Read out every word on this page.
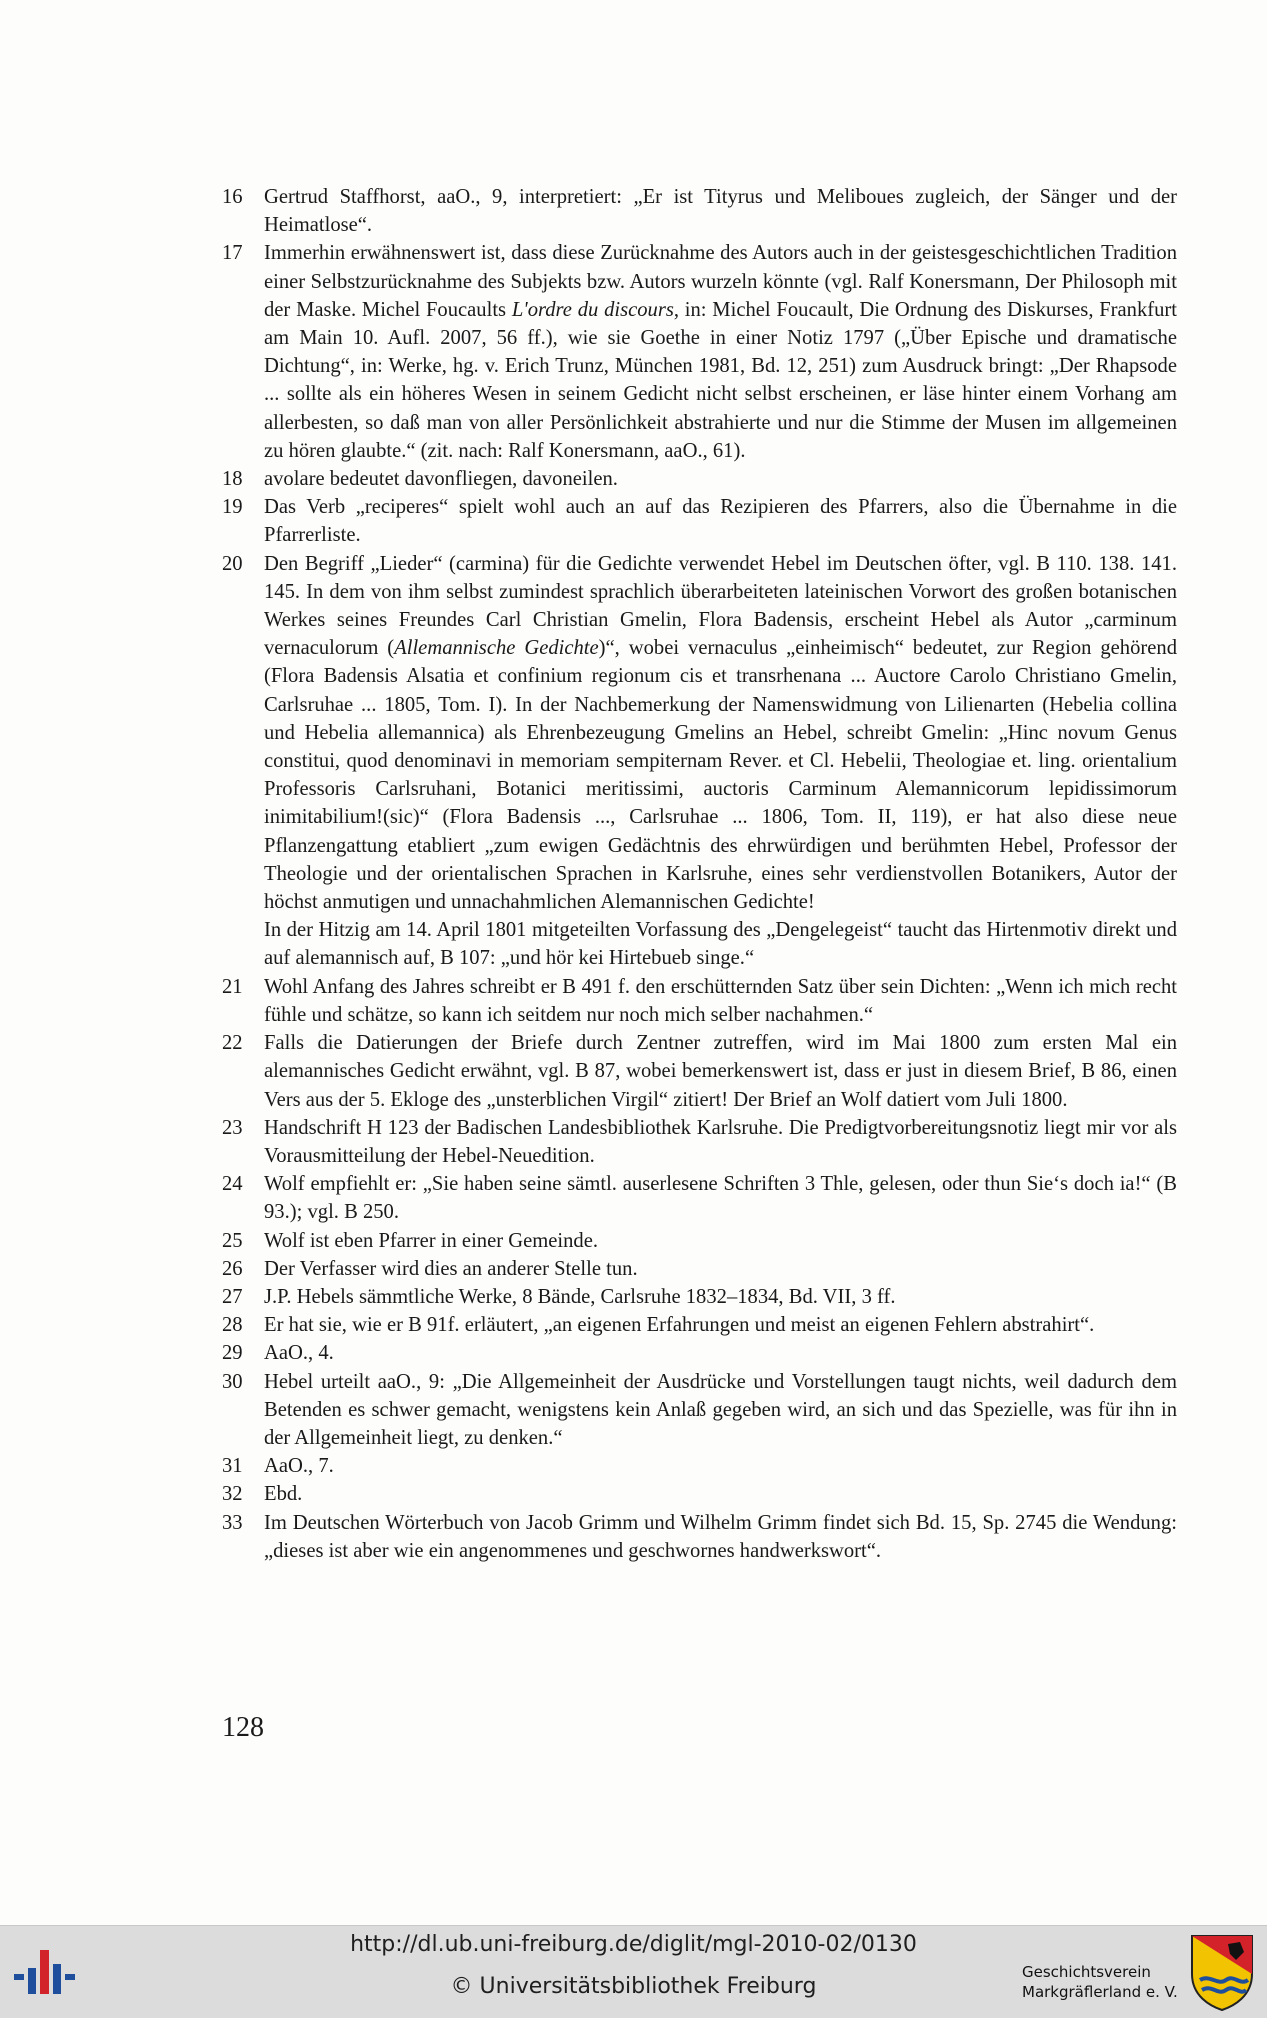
16	Gertrud Staffhorst, aaO., 9, interpretiert: „Er ist Tityrus und Meliboues zugleich, der Sänger und der Heimatlose“.
17	Immerhin erwähnenswert ist, dass diese Zurücknahme des Autors auch in der geistesgeschichtlichen Tradition einer Selbstzurücknahme des Subjekts bzw. Autors wurzeln könnte (vgl. Ralf Konersmann, Der Philosoph mit der Maske. Michel Foucaults L'ordre du discours, in: Michel Foucault, Die Ordnung des Diskurses, Frankfurt am Main 10. Aufl. 2007, 56 ff.), wie sie Goethe in einer Notiz 1797 („Über Epische und dramatische Dichtung“, in: Werke, hg. v. Erich Trunz, München 1981, Bd. 12, 251) zum Ausdruck bringt: „Der Rhapsode ... sollte als ein höheres Wesen in seinem Gedicht nicht selbst erscheinen, er läse hinter einem Vorhang am allerbesten, so daß man von aller Persönlichkeit abstrahierte und nur die Stimme der Musen im allgemeinen zu hören glaubte.“ (zit. nach: Ralf Konersmann, aaO., 61).
18	avolare bedeutet davonfliegen, davoneilen.
19	Das Verb „reciperes“ spielt wohl auch an auf das Rezipieren des Pfarrers, also die Übernahme in die Pfarrerliste.
20	Den Begriff „Lieder“ (carmina) für die Gedichte verwendet Hebel im Deutschen öfter, vgl. B 110. 138. 141. 145. In dem von ihm selbst zumindest sprachlich überarbeiteten lateinischen Vorwort des großen botanischen Werkes seines Freundes Carl Christian Gmelin, Flora Badensis, erscheint Hebel als Autor „carminum vernaculorum (Allemannische Gedichte)“, wobei vernaculus „einheimisch“ bedeutet, zur Region gehörend (Flora Badensis Alsatia et confinium regionum cis et transrhenana ... Auctore Carolo Christiano Gmelin, Carlsruhae ... 1805, Tom. I). In der Nachbemerkung der Namenswidmung von Lilienarten (Hebelia collina und Hebelia allemannica) als Ehrenbezeugung Gmelins an Hebel, schreibt Gmelin: „Hinc novum Genus constitui, quod denominavi in memoriam sempiternam Rever. et Cl. Hebelii, Theologiae et. ling. orientalium Professoris Carlsruhani, Botanici meritissimi, auctoris Carminum Alemannicorum lepidissimorum inimitabilium!(sic)“ (Flora Badensis ..., Carlsruhae ... 1806, Tom. II, 119), er hat also diese neue Pflanzengattung etabliert „zum ewigen Gedächtnis des ehrwürdigen und berühmten Hebel, Professor der Theologie und der orientalischen Sprachen in Karlsruhe, eines sehr verdienstvollen Botanikers, Autor der höchst anmutigen und unnachahmlichen Alemannischen Gedichte!
In der Hitzig am 14. April 1801 mitgeteilten Vorfassung des „Dengelegeist“ taucht das Hirtenmotiv direkt und auf alemannisch auf, B 107: „und hör kei Hirtebueb singe.“
21	Wohl Anfang des Jahres schreibt er B 491 f. den erschütternden Satz über sein Dichten: „Wenn ich mich recht fühle und schätze, so kann ich seitdem nur noch mich selber nachahmen.“
22	Falls die Datierungen der Briefe durch Zentner zutreffen, wird im Mai 1800 zum ersten Mal ein alemannisches Gedicht erwähnt, vgl. B 87, wobei bemerkenswert ist, dass er just in diesem Brief, B 86, einen Vers aus der 5. Ekloge des „unsterblichen Virgil“ zitiert! Der Brief an Wolf datiert vom Juli 1800.
23	Handschrift H 123 der Badischen Landesbibliothek Karlsruhe. Die Predigtvorbereitungsnotiz liegt mir vor als Vorausmitteilung der Hebel-Neuedition.
24	Wolf empfiehlt er: „Sie haben seine sämtl. auserlesene Schriften 3 Thle, gelesen, oder thun Sie‘s doch ia!“ (B 93.); vgl. B 250.
25	Wolf ist eben Pfarrer in einer Gemeinde.
26	Der Verfasser wird dies an anderer Stelle tun.
27	J.P. Hebels sämmtliche Werke, 8 Bände, Carlsruhe 1832–1834, Bd. VII, 3 ff.
28	Er hat sie, wie er B 91f. erläutert, „an eigenen Erfahrungen und meist an eigenen Fehlern abstrahirt“.
29	AaO., 4.
30	Hebel urteilt aaO., 9: „Die Allgemeinheit der Ausdrücke und Vorstellungen taugt nichts, weil dadurch dem Betenden es schwer gemacht, wenigstens kein Anlaß gegeben wird, an sich und das Spezielle, was für ihn in der Allgemeinheit liegt, zu denken.“
31	AaO., 7.
32	Ebd.
33	Im Deutschen Wörterbuch von Jacob Grimm und Wilhelm Grimm findet sich Bd. 15, Sp. 2745 die Wendung: „dieses ist aber wie ein angenommenes und geschwornes handwerkswort“.
128
http://dl.ub.uni-freiburg.de/diglit/mgl-2010-02/0130
© Universitätsbibliothek Freiburg
Geschichtsverein
Markgräflerland e. V.
